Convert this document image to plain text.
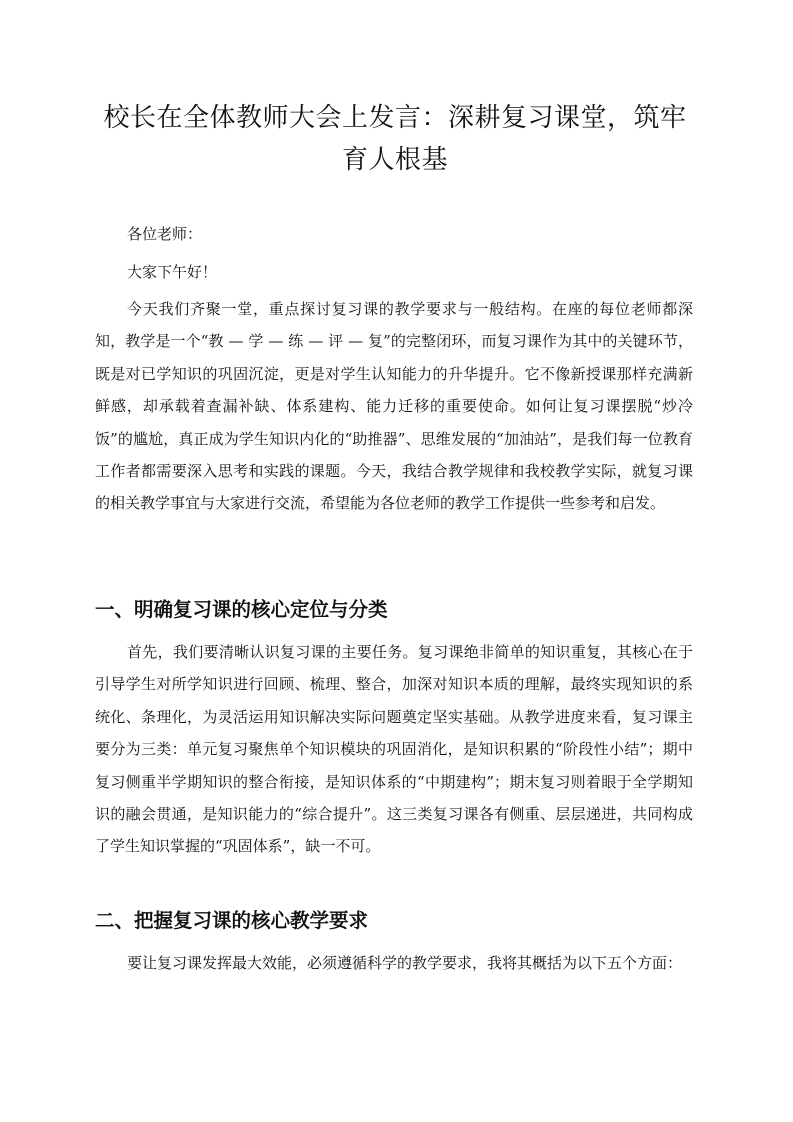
校长在全体教师大会上发言：深耕复习课堂，筑牢育人根基

各位老师：

大家下午好！

今天我们齐聚一堂，重点探讨复习课的教学要求与一般结构。在座的每位老师都深知，教学是一个“教 — 学 — 练 — 评 — 复”的完整闭环，而复习课作为其中的关键环节，既是对已学知识的巩固沉淀，更是对学生认知能力的升华提升。它不像新授课那样充满新鲜感，却承载着查漏补缺、体系建构、能力迁移的重要使命。如何让复习课摆脱“炒冷饭”的尴尬，真正成为学生知识内化的“助推器”、思维发展的“加油站”，是我们每一位教育工作者都需要深入思考和实践的课题。今天，我结合教学规律和我校教学实际，就复习课的相关教学事宜与大家进行交流，希望能为各位老师的教学工作提供一些参考和启发。

一、明确复习课的核心定位与分类

首先，我们要清晰认识复习课的主要任务。复习课绝非简单的知识重复，其核心在于引导学生对所学知识进行回顾、梳理、整合，加深对知识本质的理解，最终实现知识的系统化、条理化，为灵活运用知识解决实际问题奠定坚实基础。从教学进度来看，复习课主要分为三类：单元复习聚焦单个知识模块的巩固消化，是知识积累的“阶段性小结”；期中复习侧重半学期知识的整合衔接，是知识体系的“中期建构”；期末复习则着眼于全学期知识的融会贯通，是知识能力的“综合提升”。这三类复习课各有侧重、层层递进，共同构成了学生知识掌握的“巩固体系”，缺一不可。

二、把握复习课的核心教学要求

要让复习课发挥最大效能，必须遵循科学的教学要求，我将其概括为以下五个方面：
